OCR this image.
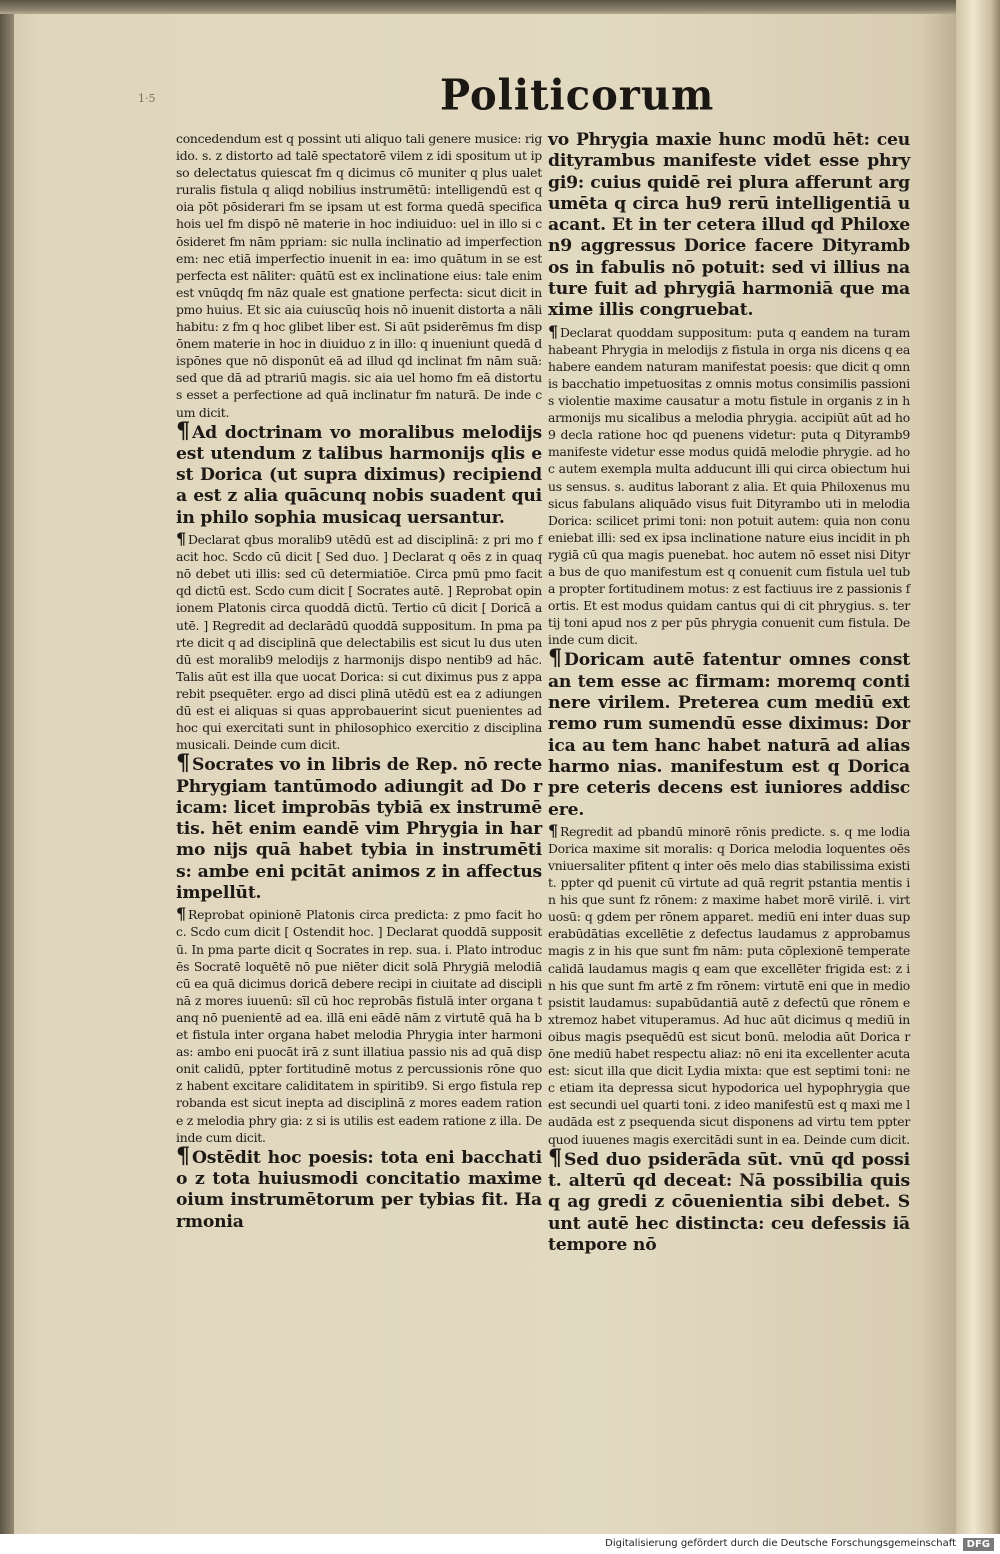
1·5	Politicorum

concedendum est q possint uti aliquo tali genere musice: rigido. s. z distorto ad talē spectatorē vilem z idi spositum ut ipso delectatus quiescat fm q dicimus cō muniter q plus ualet ruralis fistula q aliqd nobilius instrumētū: intelligendū est q oia pōt pōsiderari fm se ipsam ut est forma quedā specifica hois uel fm dispō nē materie in hoc indiuiduo: uel in illo si cōsideret fm nām ppriam: sic nulla inclinatio ad imperfectionem: nec etiā imperfectio inuenit in ea: imo quātum in se est perfecta est nāliter: quātū est ex inclinatione eius: tale enim est vnūqdq fm nāz quale est gnatione perfecta: sicut dicit in pmo huius. Et sic aia cuiuscūq hois nō inuenit distorta a nāli habitu: z fm q hoc glibet liber est. Si aūt psiderēmus fm dispōnem materie in hoc in diuiduo z in illo: q inueniunt quedā dispōnes que nō disponūt eā ad illud qd inclinat fm nām suā: sed que dā ad ptrariū magis. sic aia uel homo fm eā distortus esset a perfectione ad quā inclinatur fm naturā. De inde cum dicit.

¶ Ad doctrinam vo moralibus melodijs est utendum z talibus harmonijs qlis est Dorica (ut supra diximus) recipienda est z alia quācunq nobis suadent qui in philo sophia musicaq uersantur.

¶ Declarat qbus moralib9 utēdū est ad disciplinā: z pri mo facit hoc. Scdo cū dicit [ Sed duo. ] Declarat q oēs z in quaq nō debet uti illis: sed cū determiatiōe. Circa pmū pmo facit qd dictū est. Scdo cum dicit [ Socrates autē. ] Reprobat opinionem Platonis circa quoddā dictū. Tertio cū dicit [ Doricā autē. ] Regredit ad declarādū quoddā suppositum. In pma parte dicit q ad disciplinā que delectabilis est sicut lu dus utendū est moralib9 melodijs z harmonijs dispo nentib9 ad hāc. Talis aūt est illa que uocat Dorica: si cut diximus pus z apparebit psequēter. ergo ad disci plinā utēdū est ea z adiungendū est ei aliquas si quas approbauerint sicut puenientes ad hoc qui exercitati sunt in philosophico exercitio z disciplina musicali. Deinde cum dicit.

¶ Socrates vo in libris de Rep. nō recte Phrygiam tantūmodo adiungit ad Do ricam: licet improbās tybiā ex instrumētis. hēt enim eandē vim Phrygia in harmo nijs quā habet tybia in instrumētis: ambe eni pcitāt animos z in affectus impellūt.

¶ Reprobat opinionē Platonis circa predicta: z pmo facit hoc. Scdo cum dicit [ Ostendit hoc. ] Declarat quoddā suppositū. In pma parte dicit q Socrates in rep. sua. i. Plato introducēs Socratē loquētē nō pue niēter dicit solā Phrygiā melodiā cū ea quā dicimus doricā debere recipi in ciuitate ad disciplinā z mores iuuenū: sīl cū hoc reprobās fistulā inter organa tanq nō puenientē ad ea. illā eni eādē nām z virtutē quā ha bet fistula inter organa habet melodia Phrygia inter harmonias: ambo eni puocāt irā z sunt illatiua passio nis ad quā disponit calidū, ppter fortitudinē motus z percussionis rōne quoz habent excitare caliditatem in spiritib9. Si ergo fistula reprobanda est sicut inepta ad disciplinā z mores eadem ratione z melodia phry gia: z si is utilis est eadem ratione z illa. Deinde cum dicit.

¶ Ostēdit hoc poesis: tota eni bacchatio z tota huiusmodi concitatio maxime oium instrumētorum per tybias fit. Harmonia

vo Phrygia maxie hunc modū hēt: ceu dityrambus manifeste videt esse phrygi9: cuius quidē rei plura afferunt argumēta q circa hu9 rerū intelligentiā uacant. Et in ter cetera illud qd Philoxen9 aggressus Dorice facere Dityrambos in fabulis nō potuit: sed vi illius nature fuit ad phrygiā harmoniā que maxime illis congruebat.

¶ Declarat quoddam suppositum: puta q eandem na turam habeant Phrygia in melodijs z fistula in orga nis dicens q ea habere eandem naturam manifestat poesis: que dicit q omnis bacchatio impetuositas z omnis motus consimilis passionis violentie maxime causatur a motu fistule in organis z in harmonijs mu sicalibus a melodia phrygia. accipiūt aūt ad ho9 decla ratione hoc qd puenens videtur: puta q Dityramb9 manifeste videtur esse modus quidā melodie phrygie. ad hoc autem exempla multa adducunt illi qui circa obiectum huius sensus. s. auditus laborant z alia. Et quia Philoxenus musicus fabulans aliquādo visus fuit Dityrambo uti in melodia Dorica: scilicet primi toni: non potuit autem: quia non conueniebat illi: sed ex ipsa inclinatione nature eius incidit in phrygiā cū qua magis puenebat. hoc autem nō esset nisi Dityra bus de quo manifestum est q conuenit cum fistula uel tuba propter fortitudinem motus: z est factiuus ire z passionis fortis. Et est modus quidam cantus qui di cit phrygius. s. tertij toni apud nos z per pūs phrygia conuenit cum fistula. Deinde cum dicit.

¶ Doricam autē fatentur omnes constan tem esse ac firmam: moremq continere virilem. Preterea cum mediū extremo rum sumendū esse diximus: Dorica au tem hanc habet naturā ad alias harmo nias. manifestum est q Dorica pre ceteris decens est iuniores addiscere.

¶ Regredit ad pbandū minorē rōnis predicte. s. q me lodia Dorica maxime sit moralis: q Dorica melodia loquentes oēs vniuersaliter pfitent q inter oēs melo dias stabilissima existit. ppter qd puenit cū virtute ad quā regrit pstantia mentis in his que sunt fz rōnem: z maxime habet morē virilē. i. virtuosū: q gdem per rōnem apparet. mediū eni inter duas superabūdātias excellētie z defectus laudamus z approbamus magis z in his que sunt fm nām: puta cōplexionē temperate calidā laudamus magis q eam que excellēter frigida est: z in his que sunt fm artē z fm rōnem: virtutē eni que in medio psistit laudamus: supabūdantiā autē z defectū que rōnem extremoz habet vituperamus. Ad huc aūt dicimus q mediū in oibus magis psequēdū est sicut bonū. melodia aūt Dorica rōne mediū habet respectu aliaz: nō eni ita excellenter acuta est: sicut illa que dicit Lydia mixta: que est septimi toni: nec etiam ita depressa sicut hypodorica uel hypophrygia que est secundi uel quarti toni. z ideo manifestū est q maxi me laudāda est z psequenda sicut disponens ad virtu tem ppter quod iuuenes magis exercitādi sunt in ea. Deinde cum dicit.

¶ Sed duo psiderāda sūt. vnū qd possit. alterū qd deceat: Nā possibilia quisq ag gredi z cōuenientia sibi debet. Sunt autē hec distincta: ceu defessis iā tempore nō

Digitalisierung gefördert durch die Deutsche Forschungsgemeinschaft	DFG
